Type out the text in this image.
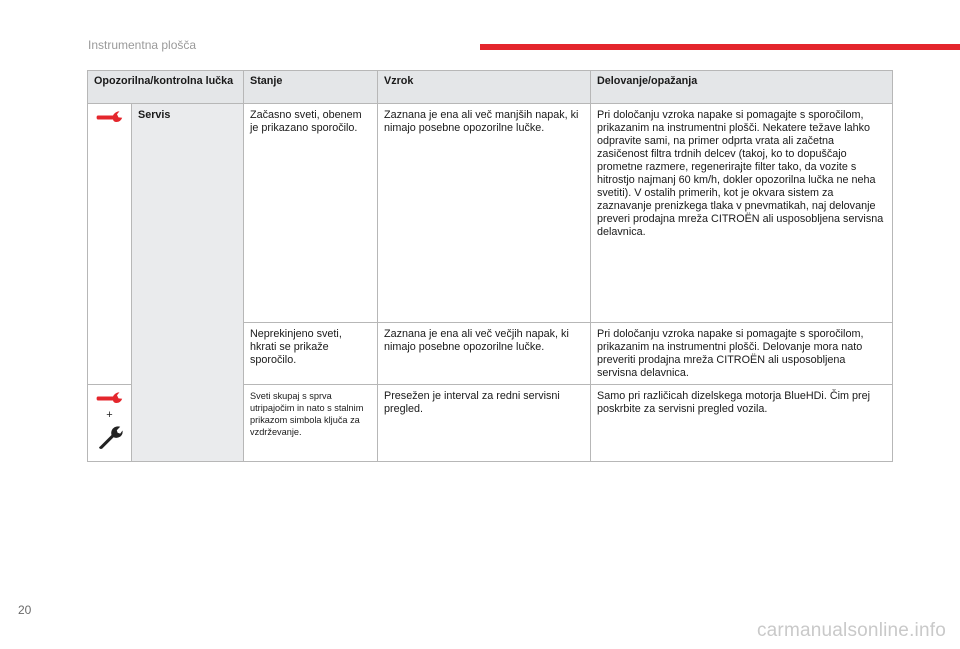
Instrumentna plošča
Opozorilna/kontrolna lučka		Stanje	Vzrok	Delovanje/opažanja

	Servis	Začasno sveti, obenem je prikazano sporočilo.	Zaznana je ena ali več manjših napak, ki nimajo posebne opozorilne lučke.	Pri določanju vzroka napake si pomagajte s sporočilom, prikazanim na instrumentni plošči. Nekatere težave lahko odpravite sami, na primer odprta vrata ali začetna zasičenost filtra trdnih delcev (takoj, ko to dopuščajo prometne razmere, regenerirajte filter tako, da vozite s hitrostjo najmanj 60 km/h, dokler opozorilna lučka ne neha svetiti). V ostalih primerih, kot je okvara sistem za zaznavanje prenizkega tlaka v pnevmatikah, naj delovanje preveri prodajna mreža CITROËN ali usposobljena servisna delavnica.
		Neprekinjeno sveti, hkrati se prikaže sporočilo.	Zaznana je ena ali več večjih napak, ki nimajo posebne opozorilne lučke.	Pri določanju vzroka napake si pomagajte s sporočilom, prikazanim na instrumentni plošči. Delovanje mora nato preveriti prodajna mreža CITROËN ali usposobljena servisna delavnica.

+		Sveti skupaj s sprva utripajočim in nato s stalnim prikazom simbola ključa za vzdrževanje.	Presežen je interval za redni servisni pregled.	Samo pri različicah dizelskega motorja BlueHDi. Čim prej poskrbite za servisni pregled vozila.
20
carmanualsonline.info
